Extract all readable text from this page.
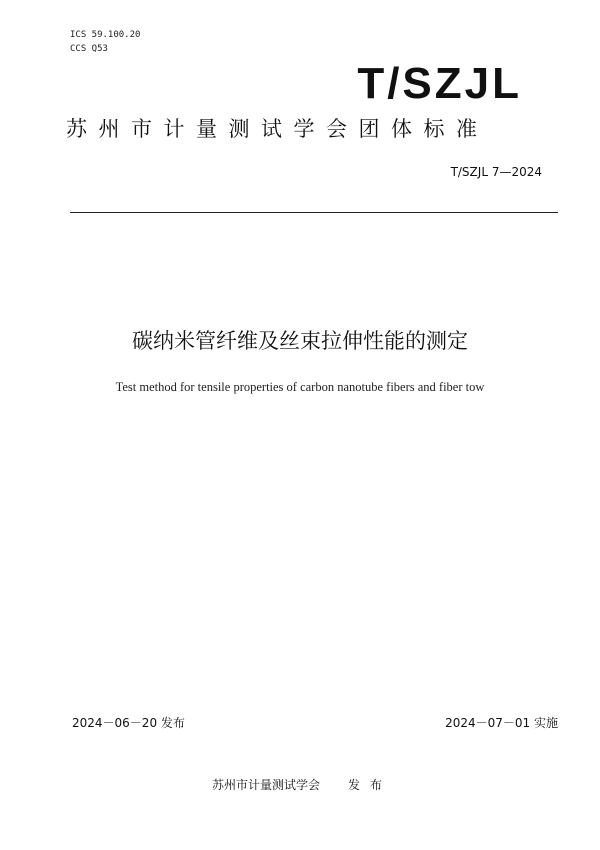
ICS 59.100.20
CCS Q53
T/SZJL
苏州市计量测试学会团体标准
T/SZJL 7—2024
碳纳米管纤维及丝束拉伸性能的测定
Test method for tensile properties of carbon nanotube fibers and fiber tow
2024－06－20 发布	2024－07－01 实施
苏州市计量测试学会 发布
